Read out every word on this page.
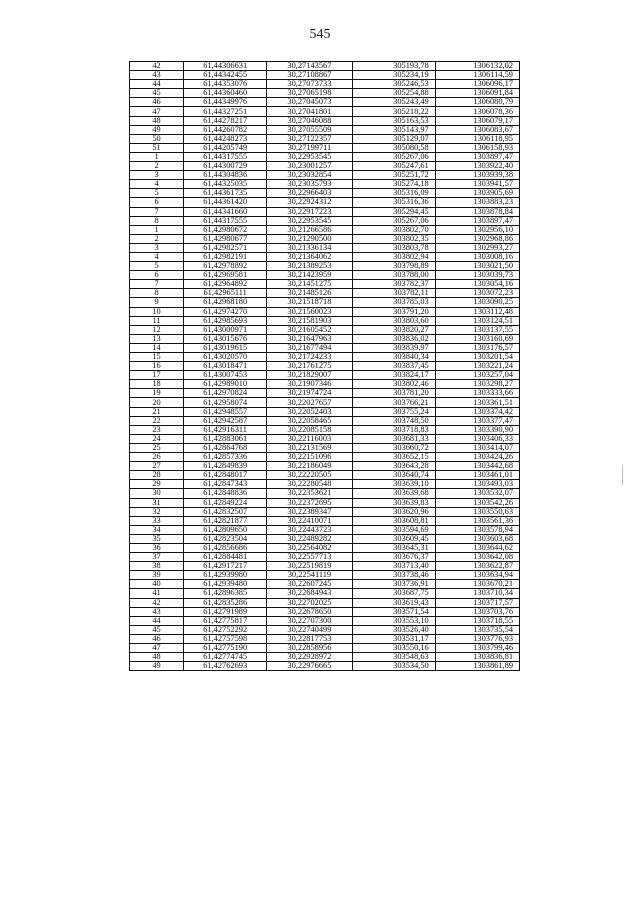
545
42	61,44306631	30,27143567	305193,78	1306132,02
43	61,44342455	30,27108867	305234,19	1306114,59
44	61,44353076	30,27073733	305246,53	1306096,17
45	61,44360460	30,27065198	305254,88	1306091,84
46	61,44349976	30,27045073	305243,49	1306080,79
47	61,44327251	30,27041801	305218,22	1306078,36
48	61,44278217	30,27046088	305163,53	1306079,17
49	61,44260782	30,27055509	305143,97	1306083,67
50	61,44248273	30,27122357	305129,07	1306118,95
51	61,44205749	30,27199711	305080,58	1306158,93
1	61,44317555	30,22953545	305267,06	1303897,47
2	61,44300729	30,23001257	305247,61	1303922,40
3	61,44304836	30,23032854	305251,72	1303939,38
4	61,44325035	30,23035793	305274,18	1303941,57
5	61,44361735	30,22966403	305316,09	1303905,69
6	61,44361420	30,22924312	305316,36	1303883,23
7	61,44341660	30,22917223	305294,45	1303878,84
8	61,44317555	30,22953545	305267,06	1303897,47
1	61,42980672	30,21266586	303802,70	1302956,10
2	61,42980677	30,21290500	303802,35	1302968,86
3	61,42982571	30,21336134	303803,78	1302993,27
4	61,42982191	30,21364062	303802,94	1303008,16
5	61,42978892	30,21389253	303798,89	1303021,50
6	61,42969581	30,21423959	303788,00	1303039,73
7	61,42964892	30,21451275	303782,37	1303054,16
8	61,42965111	30,21485126	303782,11	1303072,23
9	61,42968180	30,21518718	303785,03	1303090,25
10	61,42974270	30,21560023	303791,20	1303112,48
11	61,42985693	30,21581903	303803,60	1303124,51
12	61,43000971	30,21605452	303820,27	1303137,55
13	61,43015676	30,21647963	303836,02	1303160,69
14	61,43019615	30,21677494	303839,97	1303176,57
15	61,43020570	30,21724233	303840,34	1303201,54
16	61,43018471	30,21761275	303837,45	1303221,24
17	61,43007453	30,21829007	303824,17	1303257,04
18	61,42989010	30,21907346	303802,46	1303298,27
19	61,42970824	30,21974724	303781,20	1303333,66
20	61,42958074	30,22027657	303766,21	1303361,51
21	61,42948557	30,22052403	303755,24	1303374,42
22	61,42942587	30,22058465	303748,50	1303377,47
23	61,42916311	30,22085158	303718,83	1303390,90
24	61,42883061	30,22116003	303681,33	1303406,33
25	61,42864768	30,22131569	303660,72	1303414,07
26	61,42857336	30,22151096	303652,15	1303424,26
27	61,42849839	30,22186049	303643,28	1303442,68
28	61,42848017	30,22220505	303640,74	1303461,01
29	61,42847343	30,22280548	303639,10	1303493,03
30	61,42848836	30,22353621	303639,68	1303532,07
31	61,42849224	30,22372695	303639,83	1303542,26
32	61,42832507	30,22389347	303620,96	1303550,63
33	61,42821877	30,22410071	303608,81	1303561,36
34	61,42809650	30,22443723	303594,69	1303578,94
35	61,42823504	30,22489282	303609,45	1303603,68
36	61,42856686	30,22564082	303645,31	1303644,62
37	61,42884481	30,22557713	303676,37	1303642,08
38	61,42917217	30,22519819	303713,40	1303622,87
39	61,42939980	30,22541119	303738,46	1303634,94
40	61,42939480	30,22607245	303736,91	1303670,21
41	61,42896385	30,22684943	303687,75	1303710,34
42	61,42835286	30,22702025	303619,43	1303717,57
43	61,42791989	30,22678650	303571,54	1303703,76
44	61,42775817	30,22707300	303553,10	1303718,55
45	61,42752292	30,22740499	303526,40	1303735,54
46	61,42757598	30,22817753	303531,17	1303776,93
47	61,42775190	30,22858956	303550,16	1303799,46
48	61,42774745	30,22928972	303548,63	1303836,81
49	61,42762693	30,22976665	303534,50	1303861,89
